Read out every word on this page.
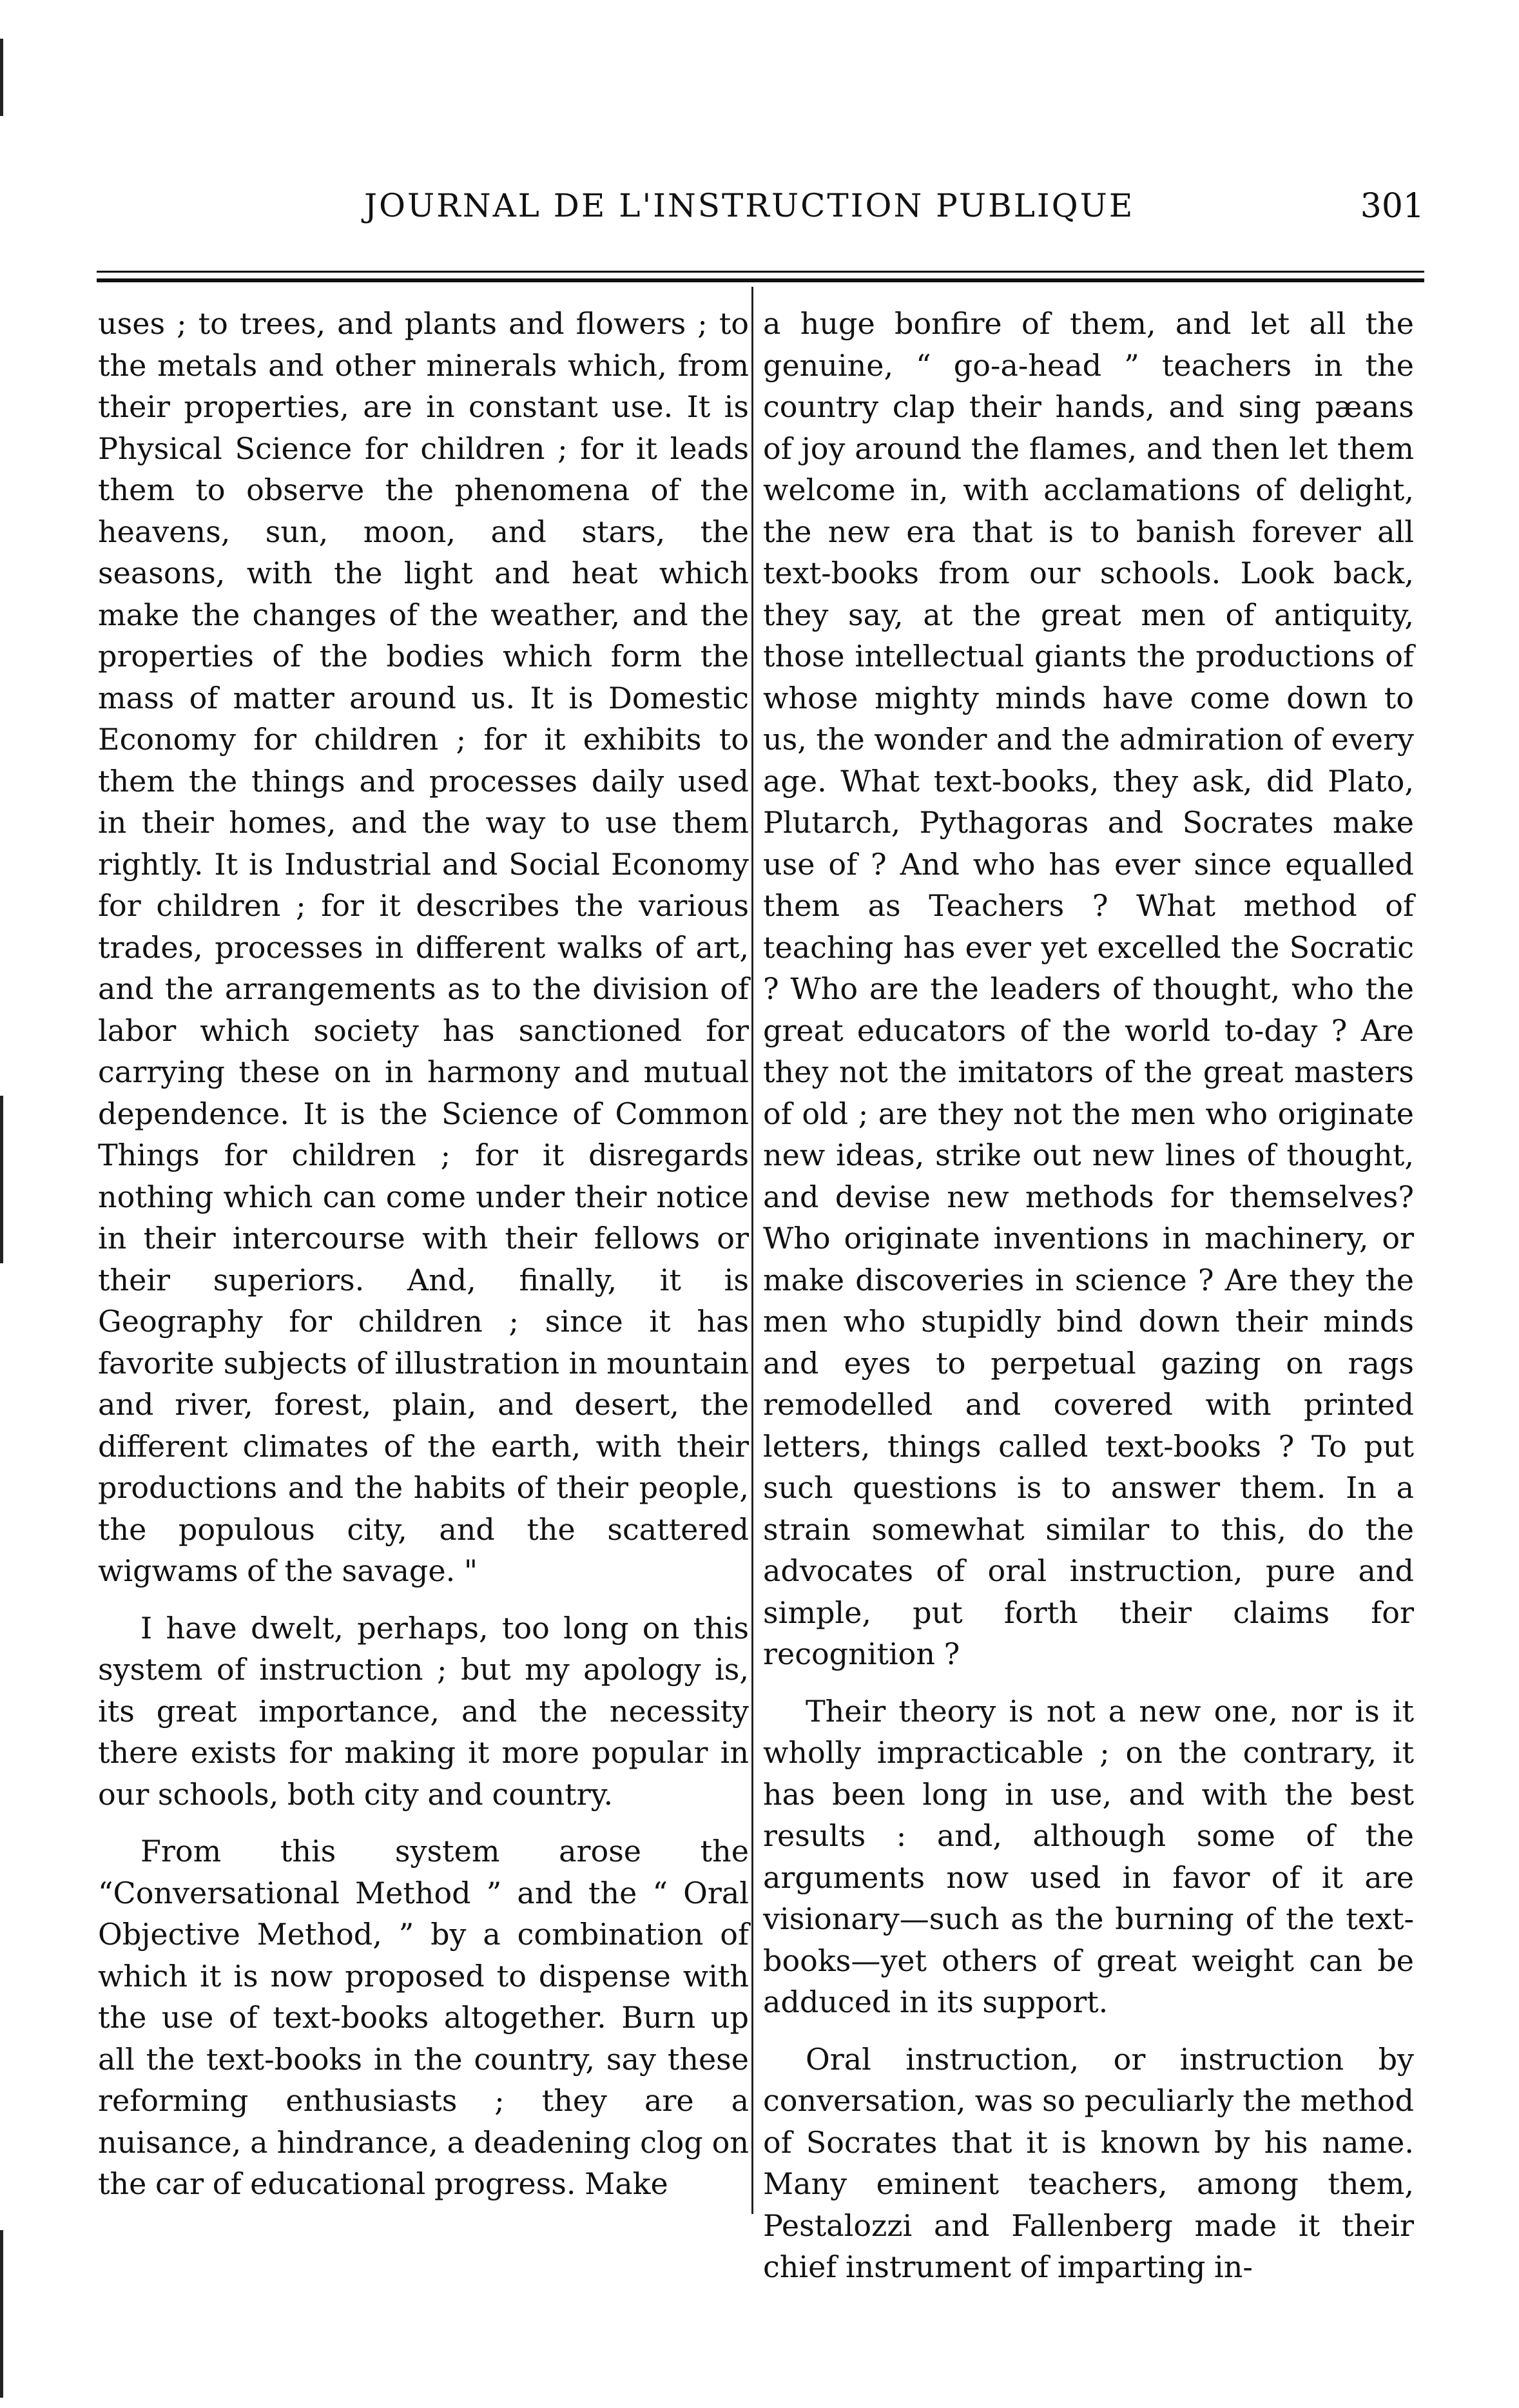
JOURNAL DE L'INSTRUCTION PUBLIQUE	301

uses ; to trees, and plants and flowers ; to the metals and other minerals which, from their properties, are in constant use. It is Physical Science for children ; for it leads them to observe the phenomena of the heavens, sun, moon, and stars, the seasons, with the light and heat which make the changes of the weather, and the properties of the bodies which form the mass of matter around us. It is Domestic Economy for children ; for it exhibits to them the things and processes daily used in their homes, and the way to use them rightly. It is Industrial and Social Economy for children ; for it describes the various trades, processes in different walks of art, and the arrangements as to the division of labor which society has sanctioned for carrying these on in harmony and mutual dependence. It is the Science of Common Things for children ; for it disregards nothing which can come under their notice in their intercourse with their fellows or their superiors. And, finally, it is Geography for children ; since it has favorite subjects of illustration in mountain and river, forest, plain, and desert, the different climates of the earth, with their productions and the habits of their people, the populous city, and the scattered wigwams of the savage. "

I have dwelt, perhaps, too long on this system of instruction ; but my apology is, its great importance, and the necessity there exists for making it more popular in our schools, both city and country.

From this system arose the “Conversational Method ” and the “ Oral Objective Method, ” by a combination of which it is now proposed to dispense with the use of text-books altogether. Burn up all the text-books in the country, say these reforming enthusiasts ; they are a nuisance, a hindrance, a deadening clog on the car of educational progress. Make

a huge bonfire of them, and let all the genuine, “ go-a-head ” teachers in the country clap their hands, and sing pæans of joy around the flames, and then let them welcome in, with acclamations of delight, the new era that is to banish forever all text-books from our schools. Look back, they say, at the great men of antiquity, those intellectual giants the productions of whose mighty minds have come down to us, the wonder and the admiration of every age. What text-books, they ask, did Plato, Plutarch, Pythagoras and Socrates make use of ? And who has ever since equalled them as Teachers ? What method of teaching has ever yet excelled the Socratic ? Who are the leaders of thought, who the great educators of the world to-day ? Are they not the imitators of the great masters of old ; are they not the men who originate new ideas, strike out new lines of thought, and devise new methods for themselves? Who originate inventions in machinery, or make discoveries in science ? Are they the men who stupidly bind down their minds and eyes to perpetual gazing on rags remodelled and covered with printed letters, things called text-books ? To put such questions is to answer them. In a strain somewhat similar to this, do the advocates of oral instruction, pure and simple, put forth their claims for recognition ?

Their theory is not a new one, nor is it wholly impracticable ; on the contrary, it has been long in use, and with the best results : and, although some of the arguments now used in favor of it are visionary—such as the burning of the text-books—yet others of great weight can be adduced in its support.

Oral instruction, or instruction by conversation, was so peculiarly the method of Socrates that it is known by his name. Many eminent teachers, among them, Pestalozzi and Fallenberg made it their chief instrument of imparting in-
